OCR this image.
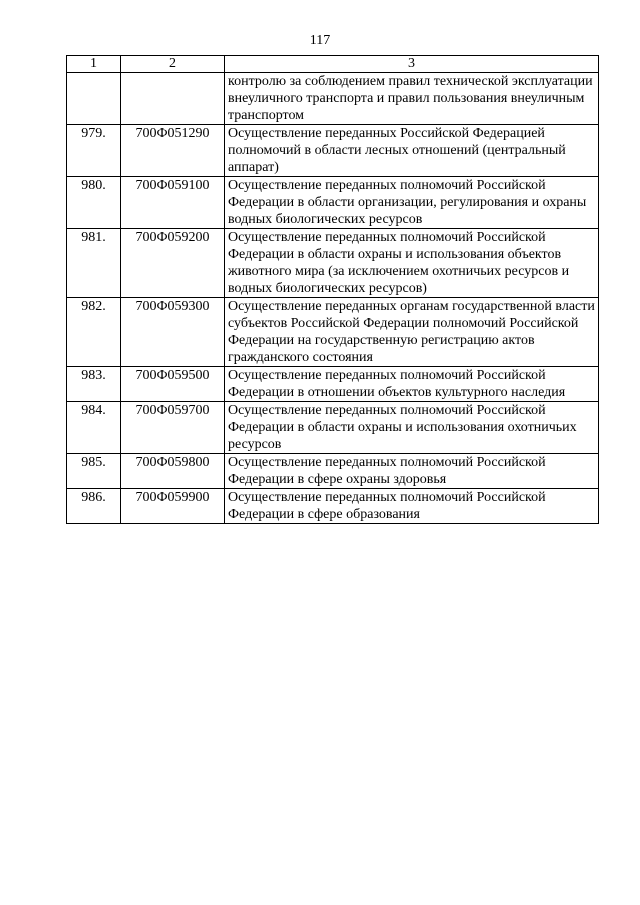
117
1	2	3
		контролю за соблюдением правил технической эксплуатации внеуличного транспорта и правил пользования внеуличным транспортом
979.	700Ф051290	Осуществление переданных Российской Федерацией полномочий в области лесных отношений (центральный аппарат)
980.	700Ф059100	Осуществление переданных полномочий Российской Федерации в области организации, регулирования и охраны водных биологических ресурсов
981.	700Ф059200	Осуществление переданных полномочий Российской Федерации в области охраны и использования объектов животного мира (за исключением охотничьих ресурсов и водных биологических ресурсов)
982.	700Ф059300	Осуществление переданных органам государственной власти субъектов Российской Федерации полномочий Российской Федерации на государственную регистрацию актов гражданского состояния
983.	700Ф059500	Осуществление переданных полномочий Российской Федерации в отношении объектов культурного наследия
984.	700Ф059700	Осуществление переданных полномочий Российской Федерации в области охраны и использования охотничьих ресурсов
985.	700Ф059800	Осуществление переданных полномочий Российской Федерации в сфере охраны здоровья
986.	700Ф059900	Осуществление переданных полномочий Российской Федерации в сфере образования
